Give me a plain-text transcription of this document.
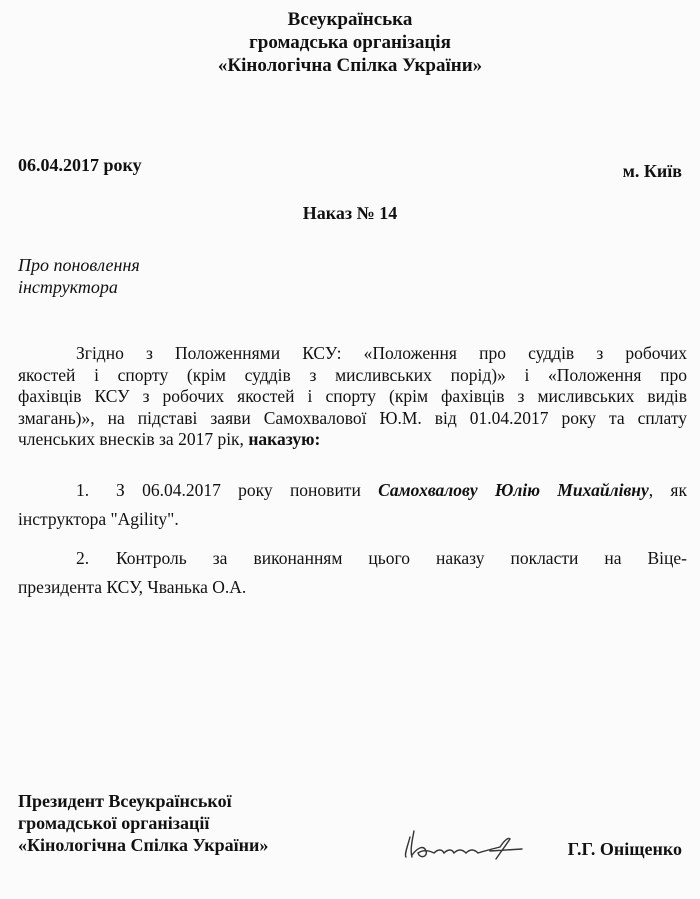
Всеукраїнська
громадська організація
«Кінологічна Спілка України»
06.04.2017 року	м. Київ
Наказ № 14
Про поновлення
інструктора
Згідно з Положеннями КСУ: «Положення про суддів з робочих
якостей і спорту (крім суддів з мисливських порід)» і «Положення про
фахівців КСУ з робочих якостей і спорту (крім фахівців з мисливських видів
змагань)», на підставі заяви Самохвалової Ю.М. від 01.04.2017 року та сплату
членських внесків за 2017 рік, наказую:
1. З 06.04.2017 року поновити Самохвалову Юлію Михайлівну, як
інструктора "Agility".
2. Контроль за виконанням цього наказу покласти на Віце-
президента КСУ, Чванька О.А.
Президент Всеукраїнської
громадської організації
«Кінологічна Спілка України»	Г.Г. Оніщенко
